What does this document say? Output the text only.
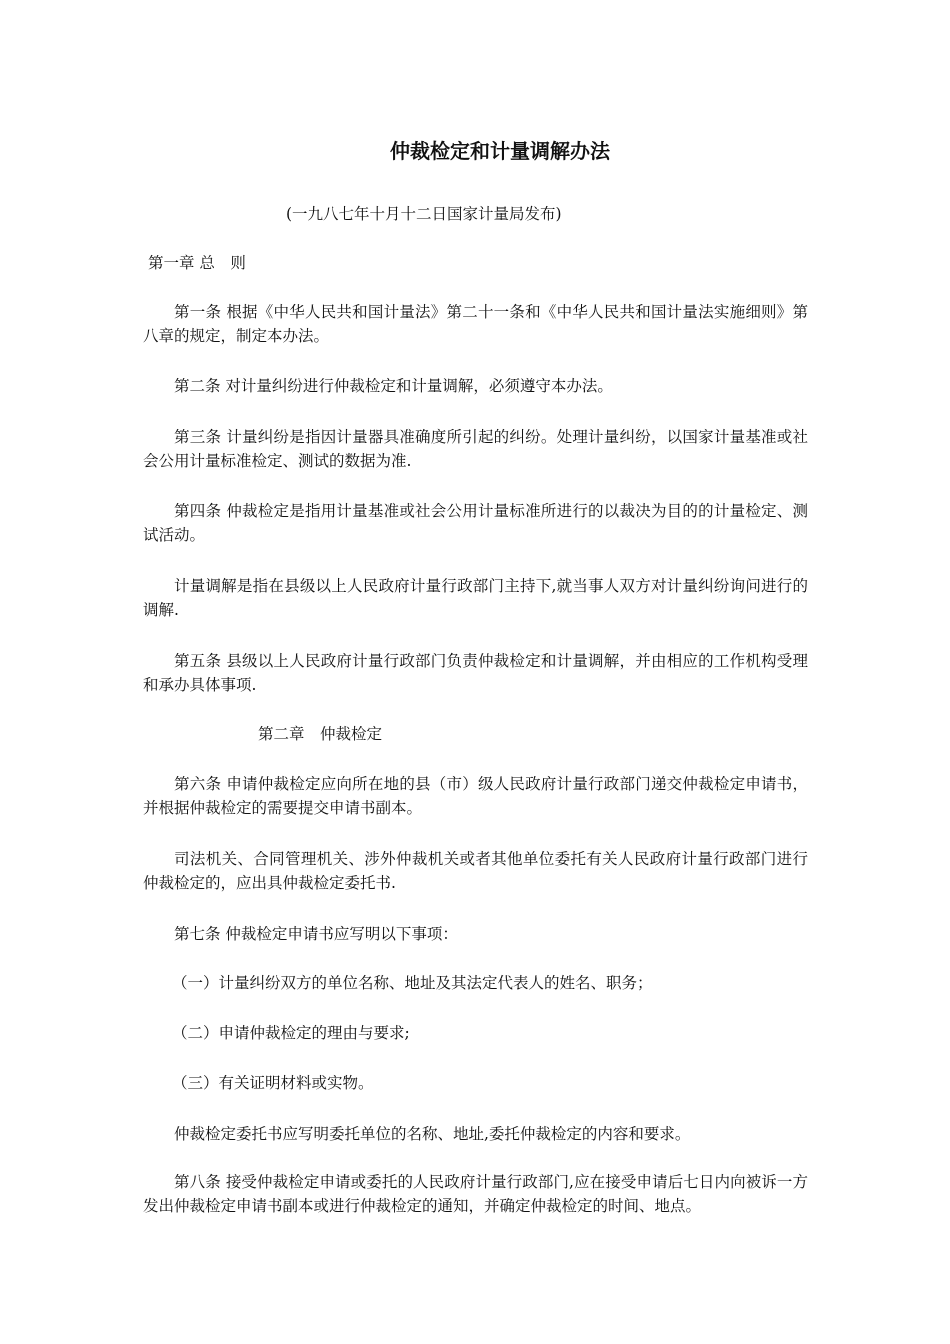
仲裁检定和计量调解办法
(一九八七年十月十二日国家计量局发布)
第一章 总　则
第一条 根据《中华人民共和国计量法》第二十一条和《中华人民共和国计量法实施细则》第八章的规定，制定本办法。
第二条 对计量纠纷进行仲裁检定和计量调解，必须遵守本办法。
第三条 计量纠纷是指因计量器具准确度所引起的纠纷。处理计量纠纷，以国家计量基准或社会公用计量标准检定、测试的数据为准.
第四条 仲裁检定是指用计量基准或社会公用计量标准所进行的以裁决为目的的计量检定、测试活动。
计量调解是指在县级以上人民政府计量行政部门主持下,就当事人双方对计量纠纷询问进行的调解.
第五条 县级以上人民政府计量行政部门负责仲裁检定和计量调解，并由相应的工作机构受理和承办具体事项.
第二章　仲裁检定
第六条 申请仲裁检定应向所在地的县（市）级人民政府计量行政部门递交仲裁检定申请书，并根据仲裁检定的需要提交申请书副本。
司法机关、合同管理机关、涉外仲裁机关或者其他单位委托有关人民政府计量行政部门进行仲裁检定的，应出具仲裁检定委托书.
第七条 仲裁检定申请书应写明以下事项：
（一）计量纠纷双方的单位名称、地址及其法定代表人的姓名、职务；
（二）申请仲裁检定的理由与要求;
（三）有关证明材料或实物。
仲裁检定委托书应写明委托单位的名称、地址,委托仲裁检定的内容和要求。
第八条 接受仲裁检定申请或委托的人民政府计量行政部门,应在接受申请后七日内向被诉一方发出仲裁检定申请书副本或进行仲裁检定的通知，并确定仲裁检定的时间、地点。
